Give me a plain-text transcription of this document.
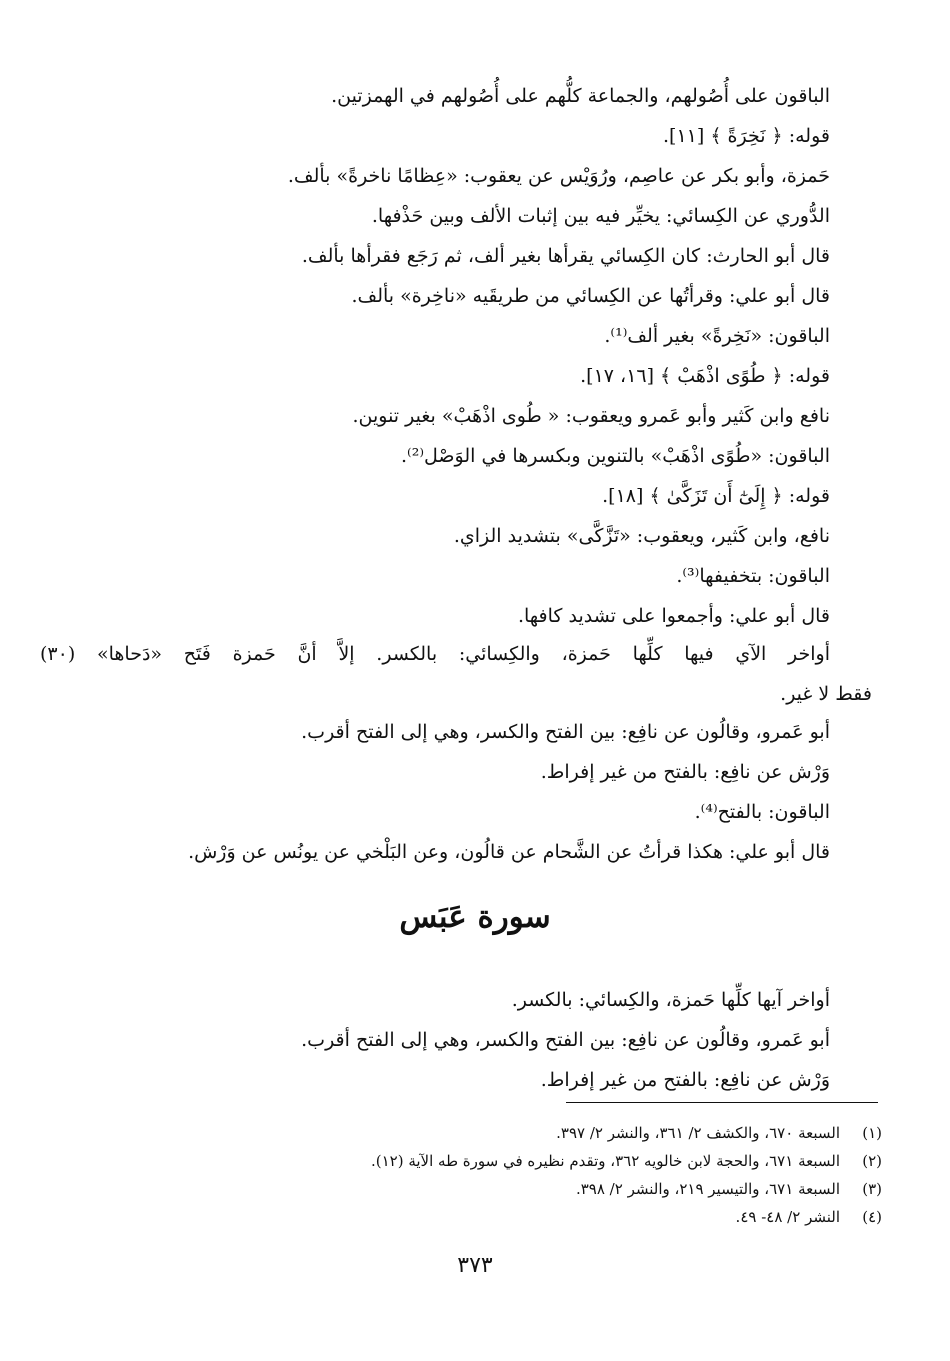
الباقون على أُصُولهم، والجماعة كلُّهم على أُصُولهم في الهمزتين.
قوله: ﴿ نَخِرَةً ﴾ [١١].
حَمزة، وأبو بكر عن عاصِم، ورُوَيْس عن يعقوب: «عِظامًا ناخرةً» بألف.
الدُّوري عن الكِسائي: يخيِّر فيه بين إثبات الألف وبين حَذْفها.
قال أبو الحارث: كان الكِسائي يقرأها بغير ألف، ثم رَجَع فقرأها بألف.
قال أبو علي: وقرأتُها عن الكِسائي من طريقَيه «ناخِرة» بألف.
الباقون: «نَخِرةً» بغير ألف⁽¹⁾.
قوله: ﴿ طُوًى اذْهَبْ ﴾ [١٦، ١٧].
نافع وابن كَثير وأبو عَمرو ويعقوب: « طُوى اذْهَبْ» بغير تنوين.
الباقون: «طُوًى اذْهَبْ» بالتنوين وبكسرها في الوَصْل⁽²⁾.
قوله: ﴿ إِلَىٰٓ أَن تَزَكَّىٰ ﴾ [١٨].
نافع، وابن كَثير، ويعقوب: «تَزَّكَّى» بتشديد الزاي.
الباقون: بتخفيفها⁽³⁾.
قال أبو علي: وأجمعوا على تشديد كافها.
أواخر الآي فيها كلِّها حَمزة، والكِسائي: بالكسر. إلاَّ أنَّ حَمزة فَتَح «دَحاها» (٣٠)
فقط لا غير.
أبو عَمرو، وقالُون عن نافِع: بين الفتح والكسر، وهي إلى الفتح أقرب.
وَرْش عن نافِع: بالفتح من غير إفراط.
الباقون: بالفتح⁽⁴⁾.
قال أبو علي: هكذا قرأتُ عن الشَّحام عن قالُون، وعن البَلْخي عن يونُس عن وَرْش.
سورة عَبَس
أواخر آيها كلِّها حَمزة، والكِسائي: بالكسر.
أبو عَمرو، وقالُون عن نافِع: بين الفتح والكسر، وهي إلى الفتح أقرب.
وَرْش عن نافِع: بالفتح من غير إفراط.
(١)السبعة ٦٧٠، والكشف ٢/ ٣٦١، والنشر ٢/ ٣٩٧.
(٢)السبعة ٦٧١، والحجة لابن خالويه ٣٦٢، وتقدم نظيره في سورة طه الآية (١٢).
(٣)السبعة ٦٧١، والتيسير ٢١٩، والنشر ٢/ ٣٩٨.
(٤)النشر ٢/ ٤٨- ٤٩.
٣٧٣
